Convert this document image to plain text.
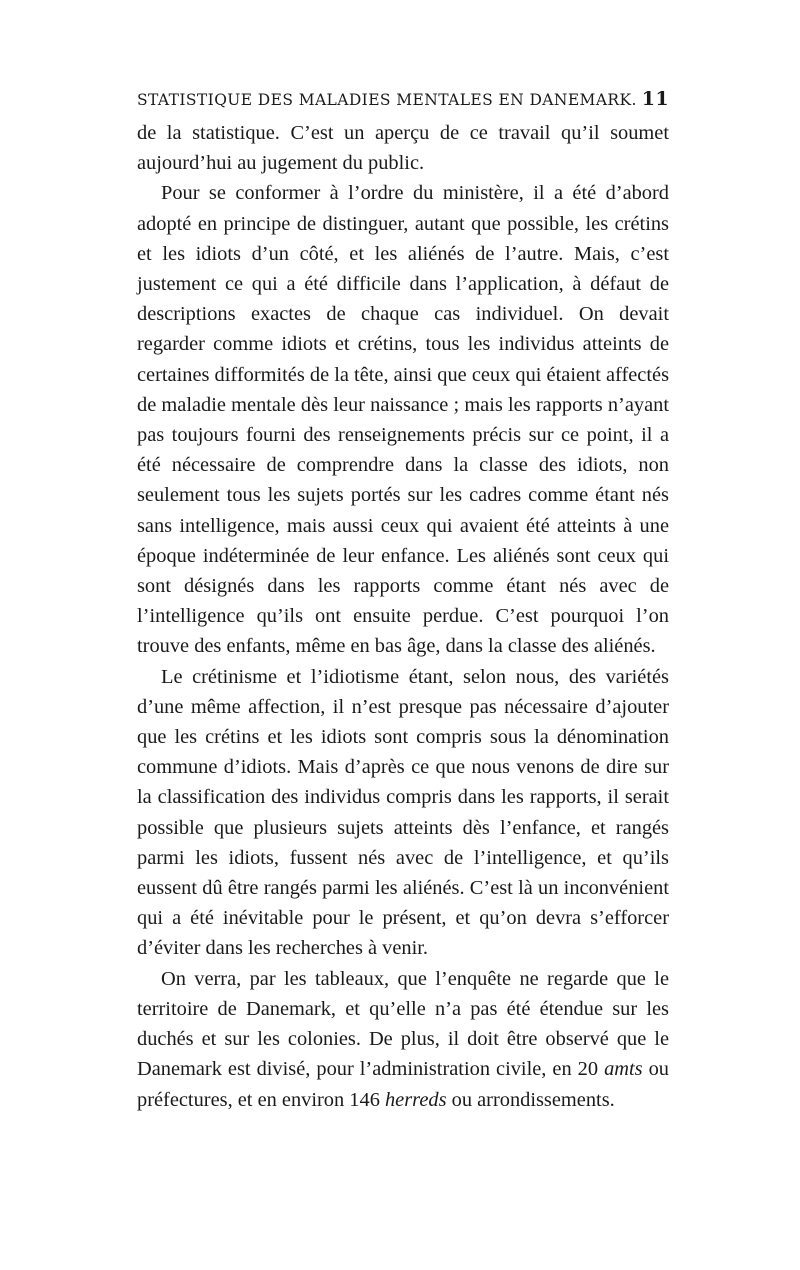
STATISTIQUE DES MALADIES MENTALES EN DANEMARK. 11

de la statistique. C’est un aperçu de ce travail qu’il soumet aujourd’hui au jugement du public.

Pour se conformer à l’ordre du ministère, il a été d’abord adopté en principe de distinguer, autant que possible, les crétins et les idiots d’un côté, et les aliénés de l’autre. Mais, c’est justement ce qui a été difficile dans l’application, à défaut de descriptions exactes de chaque cas individuel. On devait regarder comme idiots et crétins, tous les individus atteints de certaines difformités de la tête, ainsi que ceux qui étaient affectés de maladie mentale dès leur naissance ; mais les rapports n’ayant pas toujours fourni des renseignements précis sur ce point, il a été nécessaire de comprendre dans la classe des idiots, non seulement tous les sujets portés sur les cadres comme étant nés sans intelligence, mais aussi ceux qui avaient été atteints à une époque indéterminée de leur enfance. Les aliénés sont ceux qui sont désignés dans les rapports comme étant nés avec de l’intelligence qu’ils ont ensuite perdue. C’est pourquoi l’on trouve des enfants, même en bas âge, dans la classe des aliénés.

Le crétinisme et l’idiotisme étant, selon nous, des variétés d’une même affection, il n’est presque pas nécessaire d’ajouter que les crétins et les idiots sont compris sous la dénomination commune d’idiots. Mais d’après ce que nous venons de dire sur la classification des individus compris dans les rapports, il serait possible que plusieurs sujets atteints dès l’enfance, et rangés parmi les idiots, fussent nés avec de l’intelligence, et qu’ils eussent dû être rangés parmi les aliénés. C’est là un inconvénient qui a été inévitable pour le présent, et qu’on devra s’efforcer d’éviter dans les recherches à venir.

On verra, par les tableaux, que l’enquête ne regarde que le territoire de Danemark, et qu’elle n’a pas été étendue sur les duchés et sur les colonies. De plus, il doit être observé que le Danemark est divisé, pour l’administration civile, en 20 amts ou préfectures, et en environ 146 herreds ou arrondissements.
